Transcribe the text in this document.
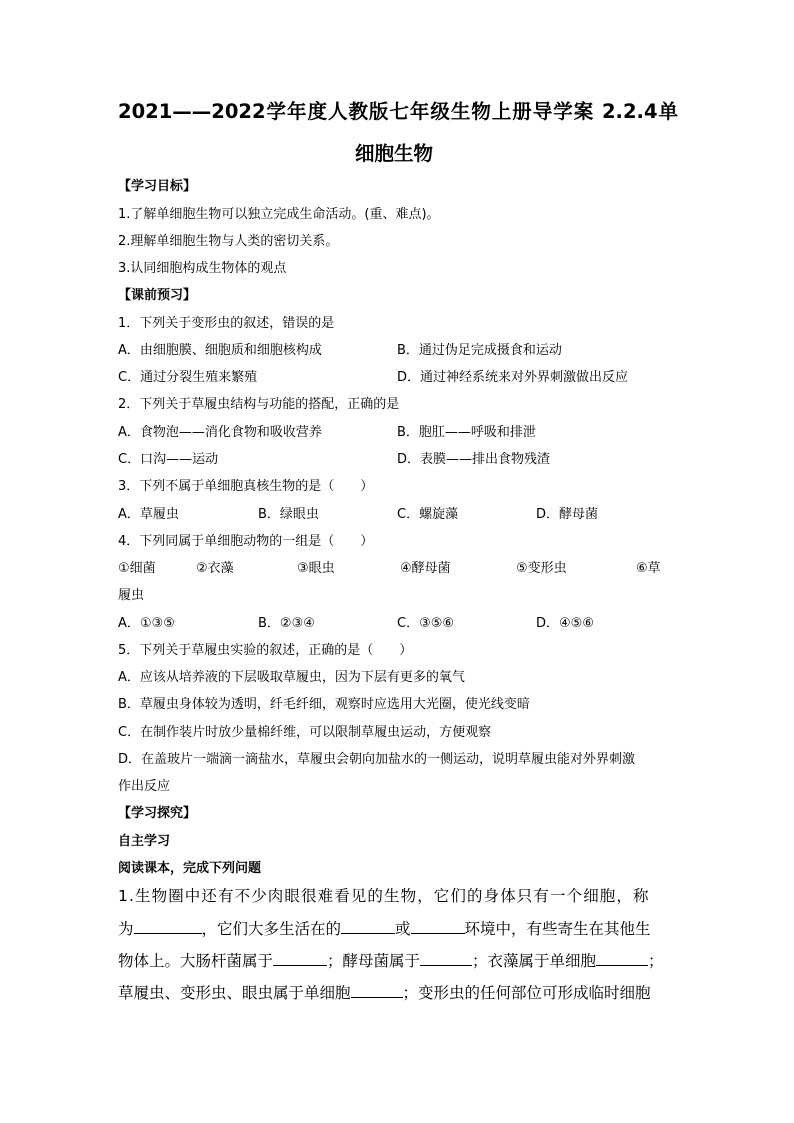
2021——2022学年度人教版七年级生物上册导学案 2.2.4单
细胞生物
【学习目标】
1.了解单细胞生物可以独立完成生命活动。(重、难点)。
2.理解单细胞生物与人类的密切关系。
3.认同细胞构成生物体的观点
【课前预习】
1．下列关于变形虫的叙述，错误的是
A．由细胞膜、细胞质和细胞核构成	B．通过伪足完成摄食和运动
C．通过分裂生殖来繁殖	D．通过神经系统来对外界刺激做出反应
2．下列关于草履虫结构与功能的搭配，正确的是
A．食物泡——消化食物和吸收营养	B．胞肛——呼吸和排泄
C．口沟——运动	D．表膜——排出食物残渣
3．下列不属于单细胞真核生物的是（　　）
A．草履虫	B．绿眼虫	C．螺旋藻	D．酵母菌
4．下列同属于单细胞动物的一组是（　　）
①细菌	②衣藻	③眼虫	④酵母菌	⑤变形虫	⑥草
履虫
A．①③⑤	B．②③④	C．③⑤⑥	D．④⑤⑥
5．下列关于草履虫实验的叙述，正确的是（　　）
A．应该从培养液的下层吸取草履虫，因为下层有更多的氧气
B．草履虫身体较为透明，纤毛纤细，观察时应选用大光圈，使光线变暗
C．在制作装片时放少量棉纤维，可以限制草履虫运动，方便观察
D．在盖玻片一端滴一滴盐水，草履虫会朝向加盐水的一侧运动，说明草履虫能对外界刺激
作出反应
【学习探究】
自主学习
阅读课本，完成下列问题
1.生物圈中还有不少肉眼很难看见的生物，它们的身体只有一个细胞，称
为	，它们大多生活在的	或	环境中，有些寄生在其他生
物体上。大肠杆菌属于	；酵母菌属于	；衣藻属于单细胞	；
草履虫、变形虫、眼虫属于单细胞	；变形虫的任何部位可形成临时细胞
